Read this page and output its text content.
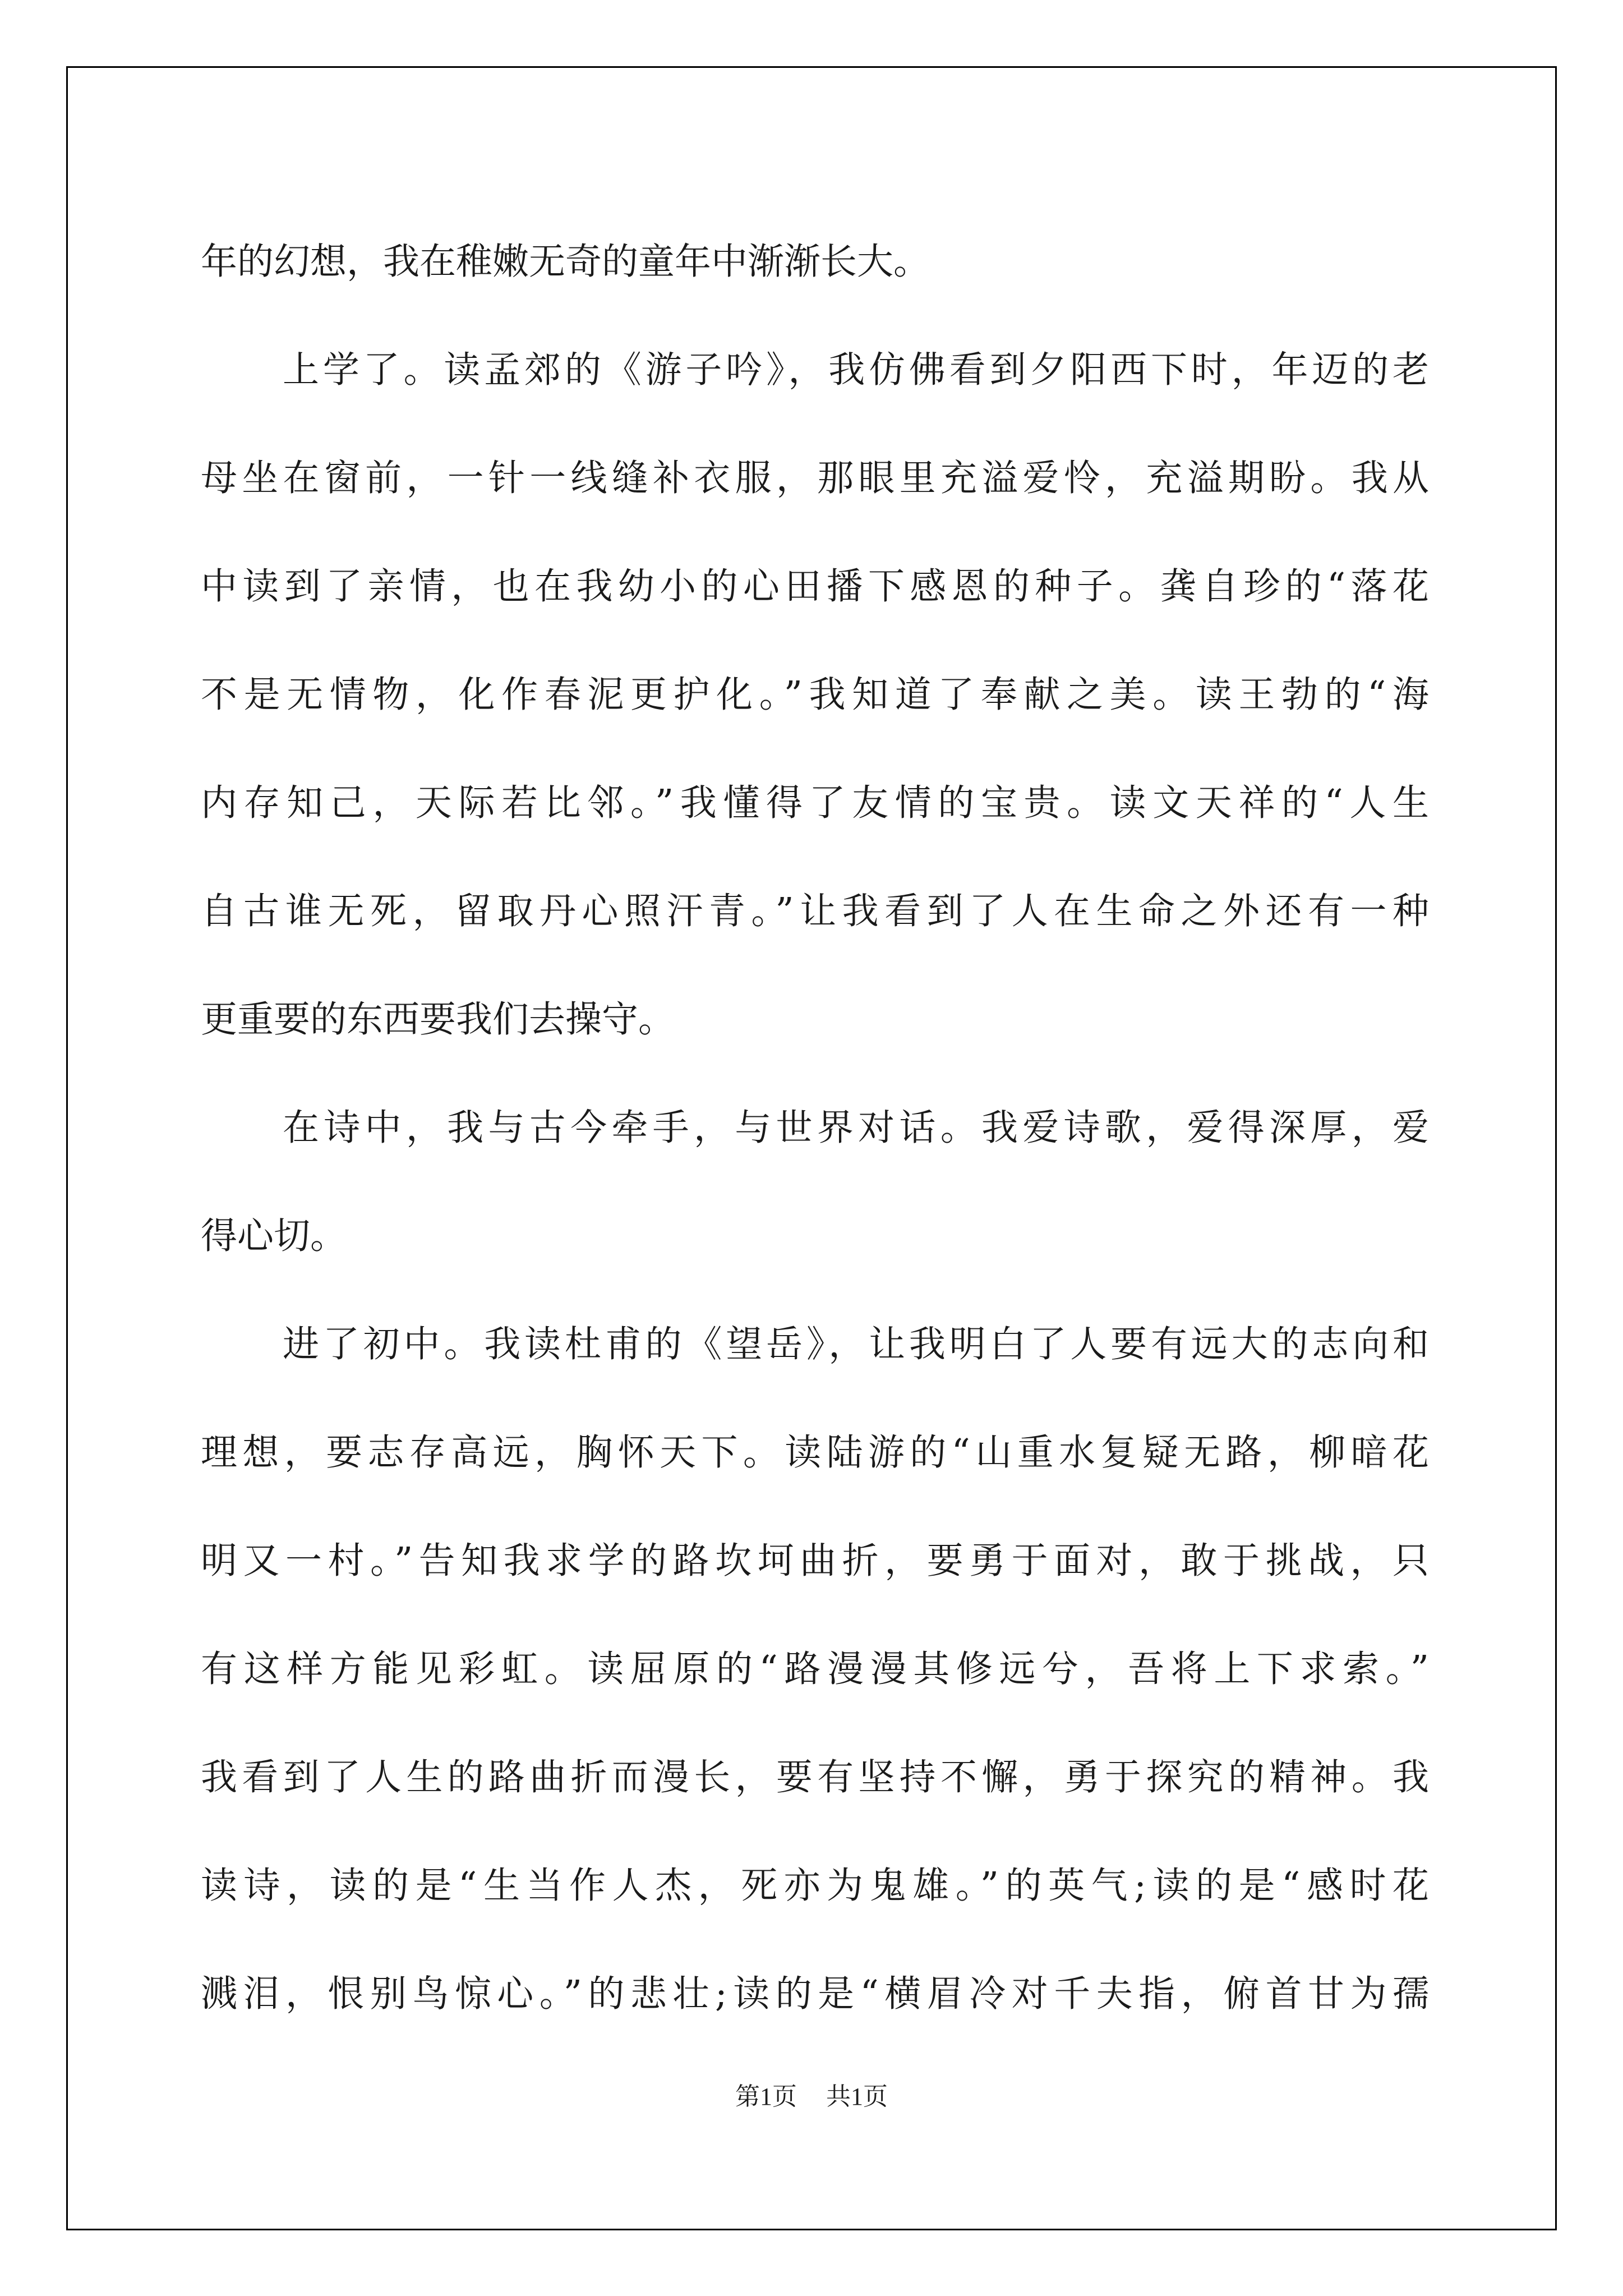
年的幻想，我在稚嫩无奇的童年中渐渐长大。
上学了。读孟郊的《游子吟》，我仿佛看到夕阳西下时，年迈的老
母坐在窗前，一针一线缝补衣服，那眼里充溢爱怜，充溢期盼。我从
中读到了亲情，也在我幼小的心田播下感恩的种子。龚自珍的“落花
不是无情物，化作春泥更护化。”我知道了奉献之美。读王勃的“海
内存知己，天际若比邻。”我懂得了友情的宝贵。读文天祥的“人生
自古谁无死，留取丹心照汗青。”让我看到了人在生命之外还有一种
更重要的东西要我们去操守。
在诗中，我与古今牵手，与世界对话。我爱诗歌，爱得深厚，爱
得心切。
进了初中。我读杜甫的《望岳》，让我明白了人要有远大的志向和
理想，要志存高远，胸怀天下。读陆游的“山重水复疑无路，柳暗花
明又一村。”告知我求学的路坎坷曲折，要勇于面对，敢于挑战，只
有这样方能见彩虹。读屈原的“路漫漫其修远兮，吾将上下求索。”
我看到了人生的路曲折而漫长，要有坚持不懈，勇于探究的精神。我
读诗，读的是“生当作人杰，死亦为鬼雄。”的英气;读的是“感时花
溅泪，恨别鸟惊心。”的悲壮;读的是“横眉冷对千夫指，俯首甘为孺
第1页 共1页
